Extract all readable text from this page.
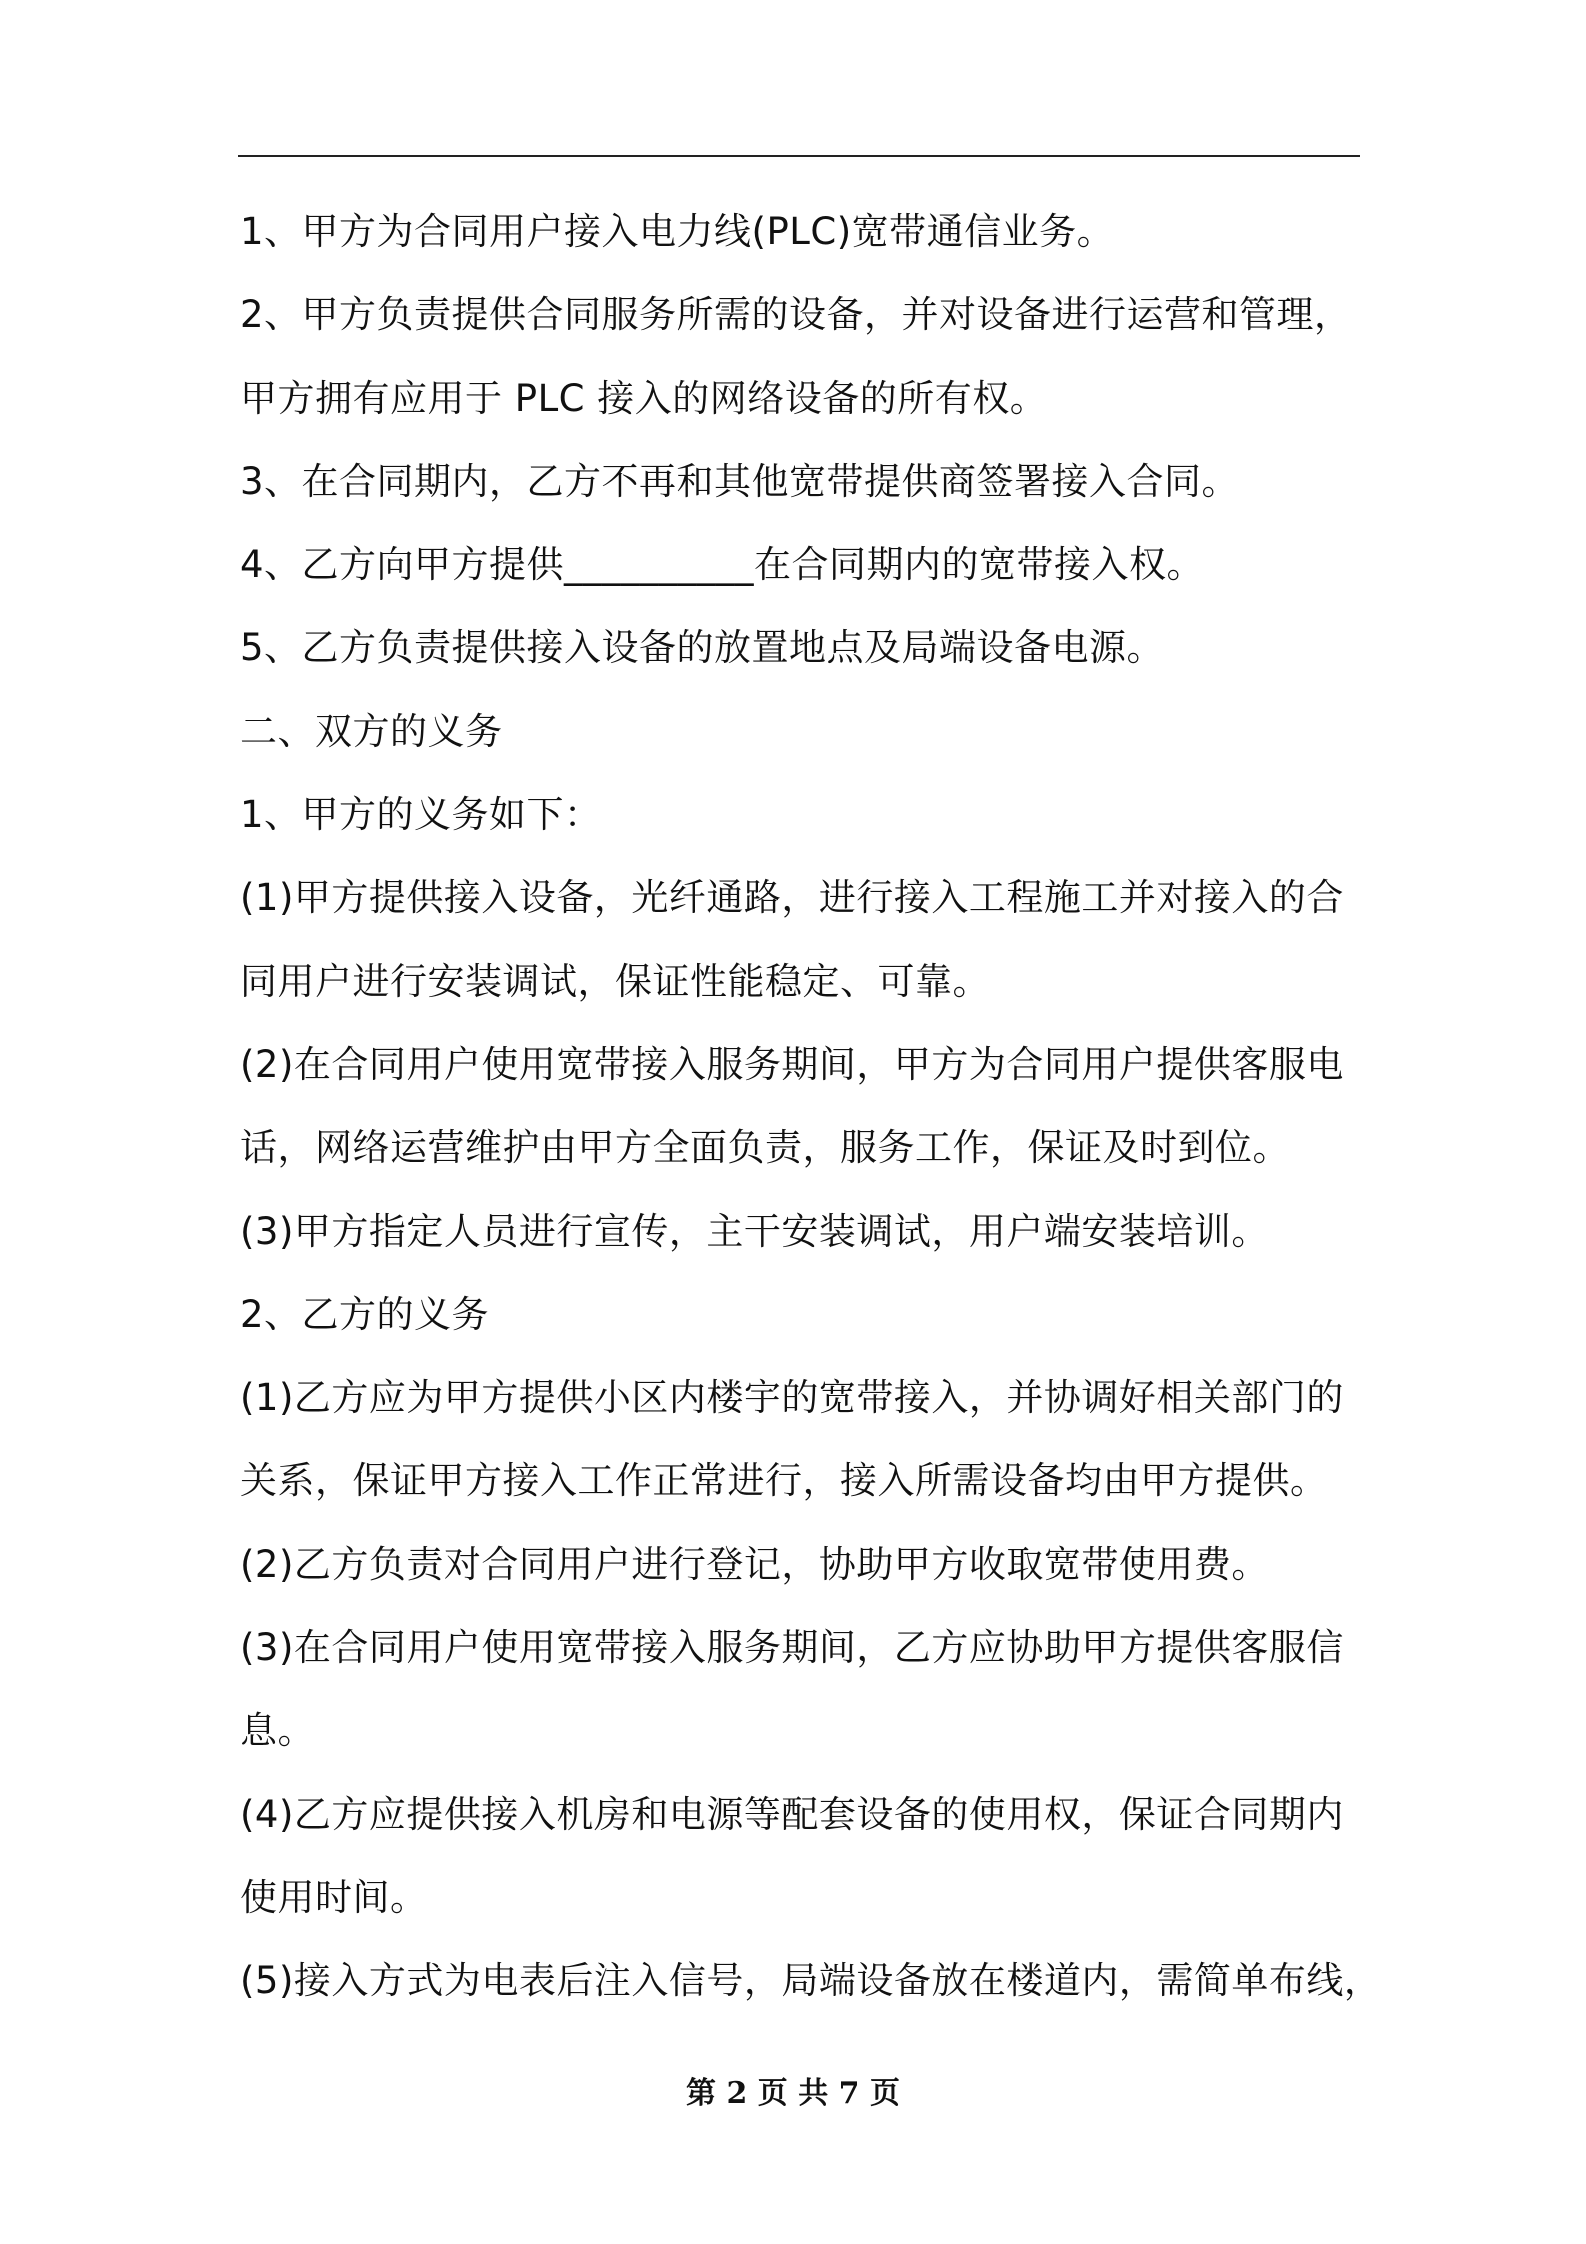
1、甲方为合同用户接入电力线(PLC)宽带通信业务。
2、甲方负责提供合同服务所需的设备，并对设备进行运营和管理，
甲方拥有应用于 PLC 接入的网络设备的所有权。
3、在合同期内，乙方不再和其他宽带提供商签署接入合同。
4、乙方向甲方提供__________在合同期内的宽带接入权。
5、乙方负责提供接入设备的放置地点及局端设备电源。
二、双方的义务
1、甲方的义务如下：
(1)甲方提供接入设备，光纤通路，进行接入工程施工并对接入的合
同用户进行安装调试，保证性能稳定、可靠。
(2)在合同用户使用宽带接入服务期间，甲方为合同用户提供客服电
话，网络运营维护由甲方全面负责，服务工作，保证及时到位。
(3)甲方指定人员进行宣传，主干安装调试，用户端安装培训。
2、乙方的义务
(1)乙方应为甲方提供小区内楼宇的宽带接入，并协调好相关部门的
关系，保证甲方接入工作正常进行，接入所需设备均由甲方提供。
(2)乙方负责对合同用户进行登记，协助甲方收取宽带使用费。
(3)在合同用户使用宽带接入服务期间，乙方应协助甲方提供客服信
息。
(4)乙方应提供接入机房和电源等配套设备的使用权，保证合同期内
使用时间。
(5)接入方式为电表后注入信号，局端设备放在楼道内，需简单布线，
第 2 页 共 7 页
